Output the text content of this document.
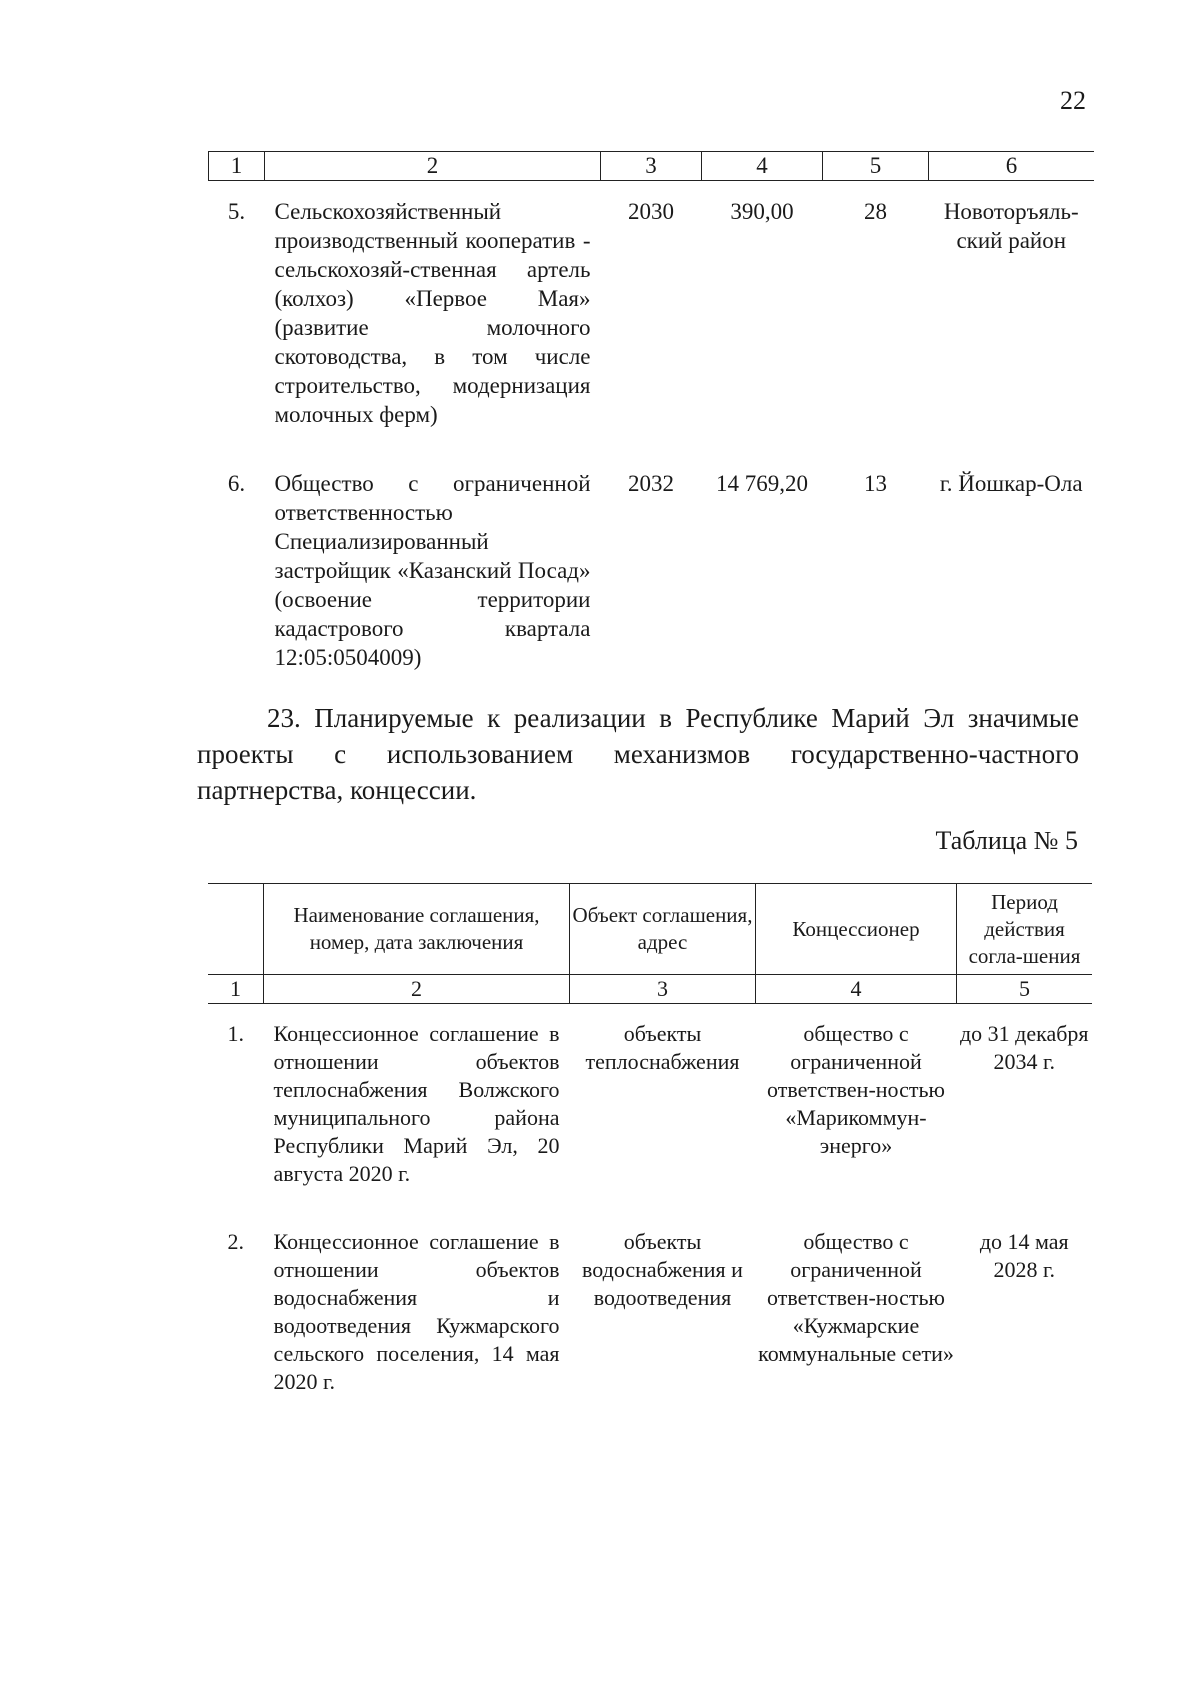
22
1	2	3	4	5	6

5.	Сельскохозяйственный производственный кооператив - сельскохозяй-ственная артель (колхоз) «Первое Мая» (развитие молочного скотоводства, в том числе строительство, модернизация молочных ферм)	2030	390,00	28	Новоторъяль-ский район

6.	Общество с ограниченной ответственностью Специализированный застройщик «Казанский Посад» (освоение территории кадастрового квартала 12:05:0504009)	2032	14 769,20	13	г. Йошкар-Ола
23. Планируемые к реализации в Республике Марий Эл значимые проекты с использованием механизмов государственно-частного партнерства, концессии.
Таблица № 5
	Наименование соглашения, номер, дата заключения	Объект соглашения, адрес	Концессионер	Период действия согла-шения
1	2	3	4	5

1.	Концессионное соглашение в отношении объектов теплоснабжения Волжского муниципального района Республики Марий Эл, 20 августа 2020 г.	объекты теплоснабжения	общество с ограниченной ответствен-ностью «Марикоммун-энерго»	до 31 декабря 2034 г.

2.	Концессионное соглашение в отношении объектов водоснабжения и водоотведения Кужмарского сельского поселения, 14 мая 2020 г.	объекты водоснабжения и водоотведения	общество с ограниченной ответствен-ностью «Кужмарские коммунальные сети»	до 14 мая 2028 г.
